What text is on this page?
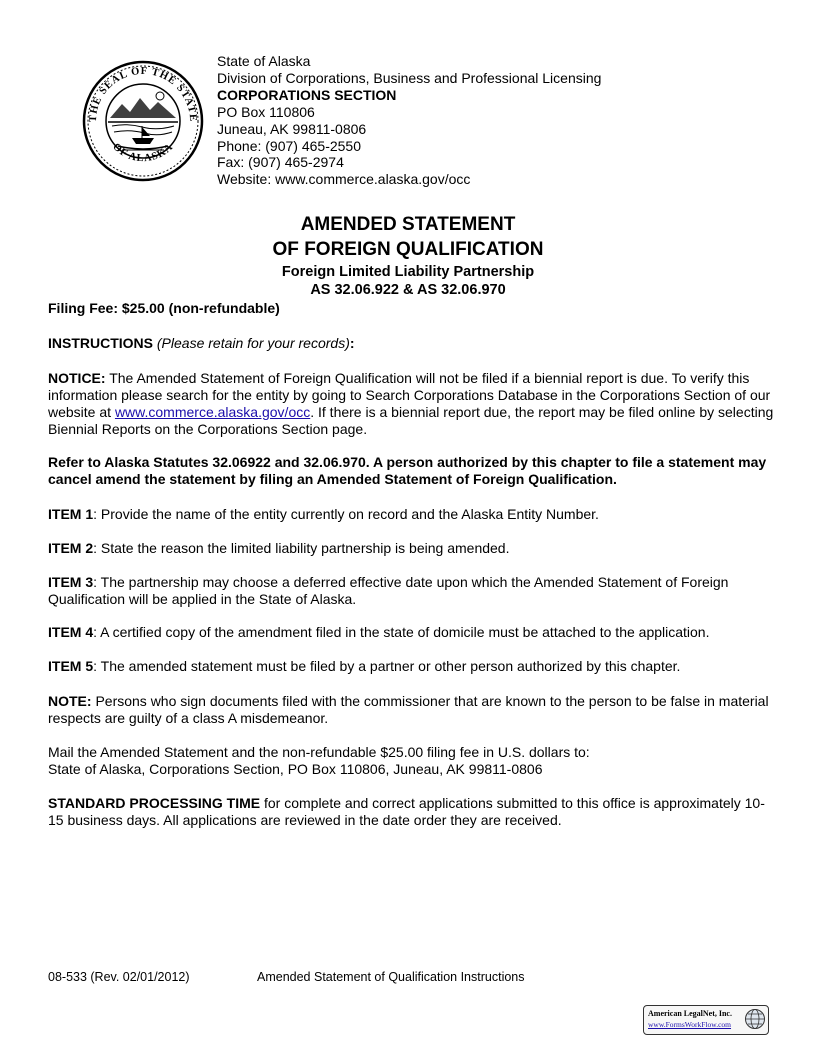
THE SEAL OF THE STATE
OF ALASKA
State of Alaska
Division of Corporations, Business and Professional Licensing
CORPORATIONS SECTION
PO Box 110806
Juneau, AK 99811-0806
Phone: (907) 465-2550
Fax: (907) 465-2974
Website: www.commerce.alaska.gov/occ
AMENDED STATEMENT
OF FOREIGN QUALIFICATION
Foreign Limited Liability Partnership
AS 32.06.922 & AS 32.06.970
Filing Fee: $25.00 (non-refundable)
INSTRUCTIONS (Please retain for your records):
NOTICE: The Amended Statement of Foreign Qualification will not be filed if a biennial report is due. To verify this information please search for the entity by going to Search Corporations Database in the Corporations Section of our website at www.commerce.alaska.gov/occ. If there is a biennial report due, the report may be filed online by selecting Biennial Reports on the Corporations Section page.
Refer to Alaska Statutes 32.06922 and 32.06.970. A person authorized by this chapter to file a statement may cancel amend the statement by filing an Amended Statement of Foreign Qualification.
ITEM 1: Provide the name of the entity currently on record and the Alaska Entity Number.
ITEM 2: State the reason the limited liability partnership is being amended.
ITEM 3: The partnership may choose a deferred effective date upon which the Amended Statement of Foreign Qualification will be applied in the State of Alaska.
ITEM 4: A certified copy of the amendment filed in the state of domicile must be attached to the application.
ITEM 5: The amended statement must be filed by a partner or other person authorized by this chapter.
NOTE: Persons who sign documents filed with the commissioner that are known to the person to be false in material respects are guilty of a class A misdemeanor.

Mail the Amended Statement and the non-refundable $25.00 filing fee in U.S. dollars to:

State of Alaska, Corporations Section, PO Box 110806, Juneau, AK 99811-0806

STANDARD PROCESSING TIME for complete and correct applications submitted to this office is approximately 10-15 business days. All applications are reviewed in the date order they are received.
08-533 (Rev. 02/01/2012)	Amended Statement of Qualification Instructions
American LegalNet, Inc.
www.FormsWorkFlow.com
